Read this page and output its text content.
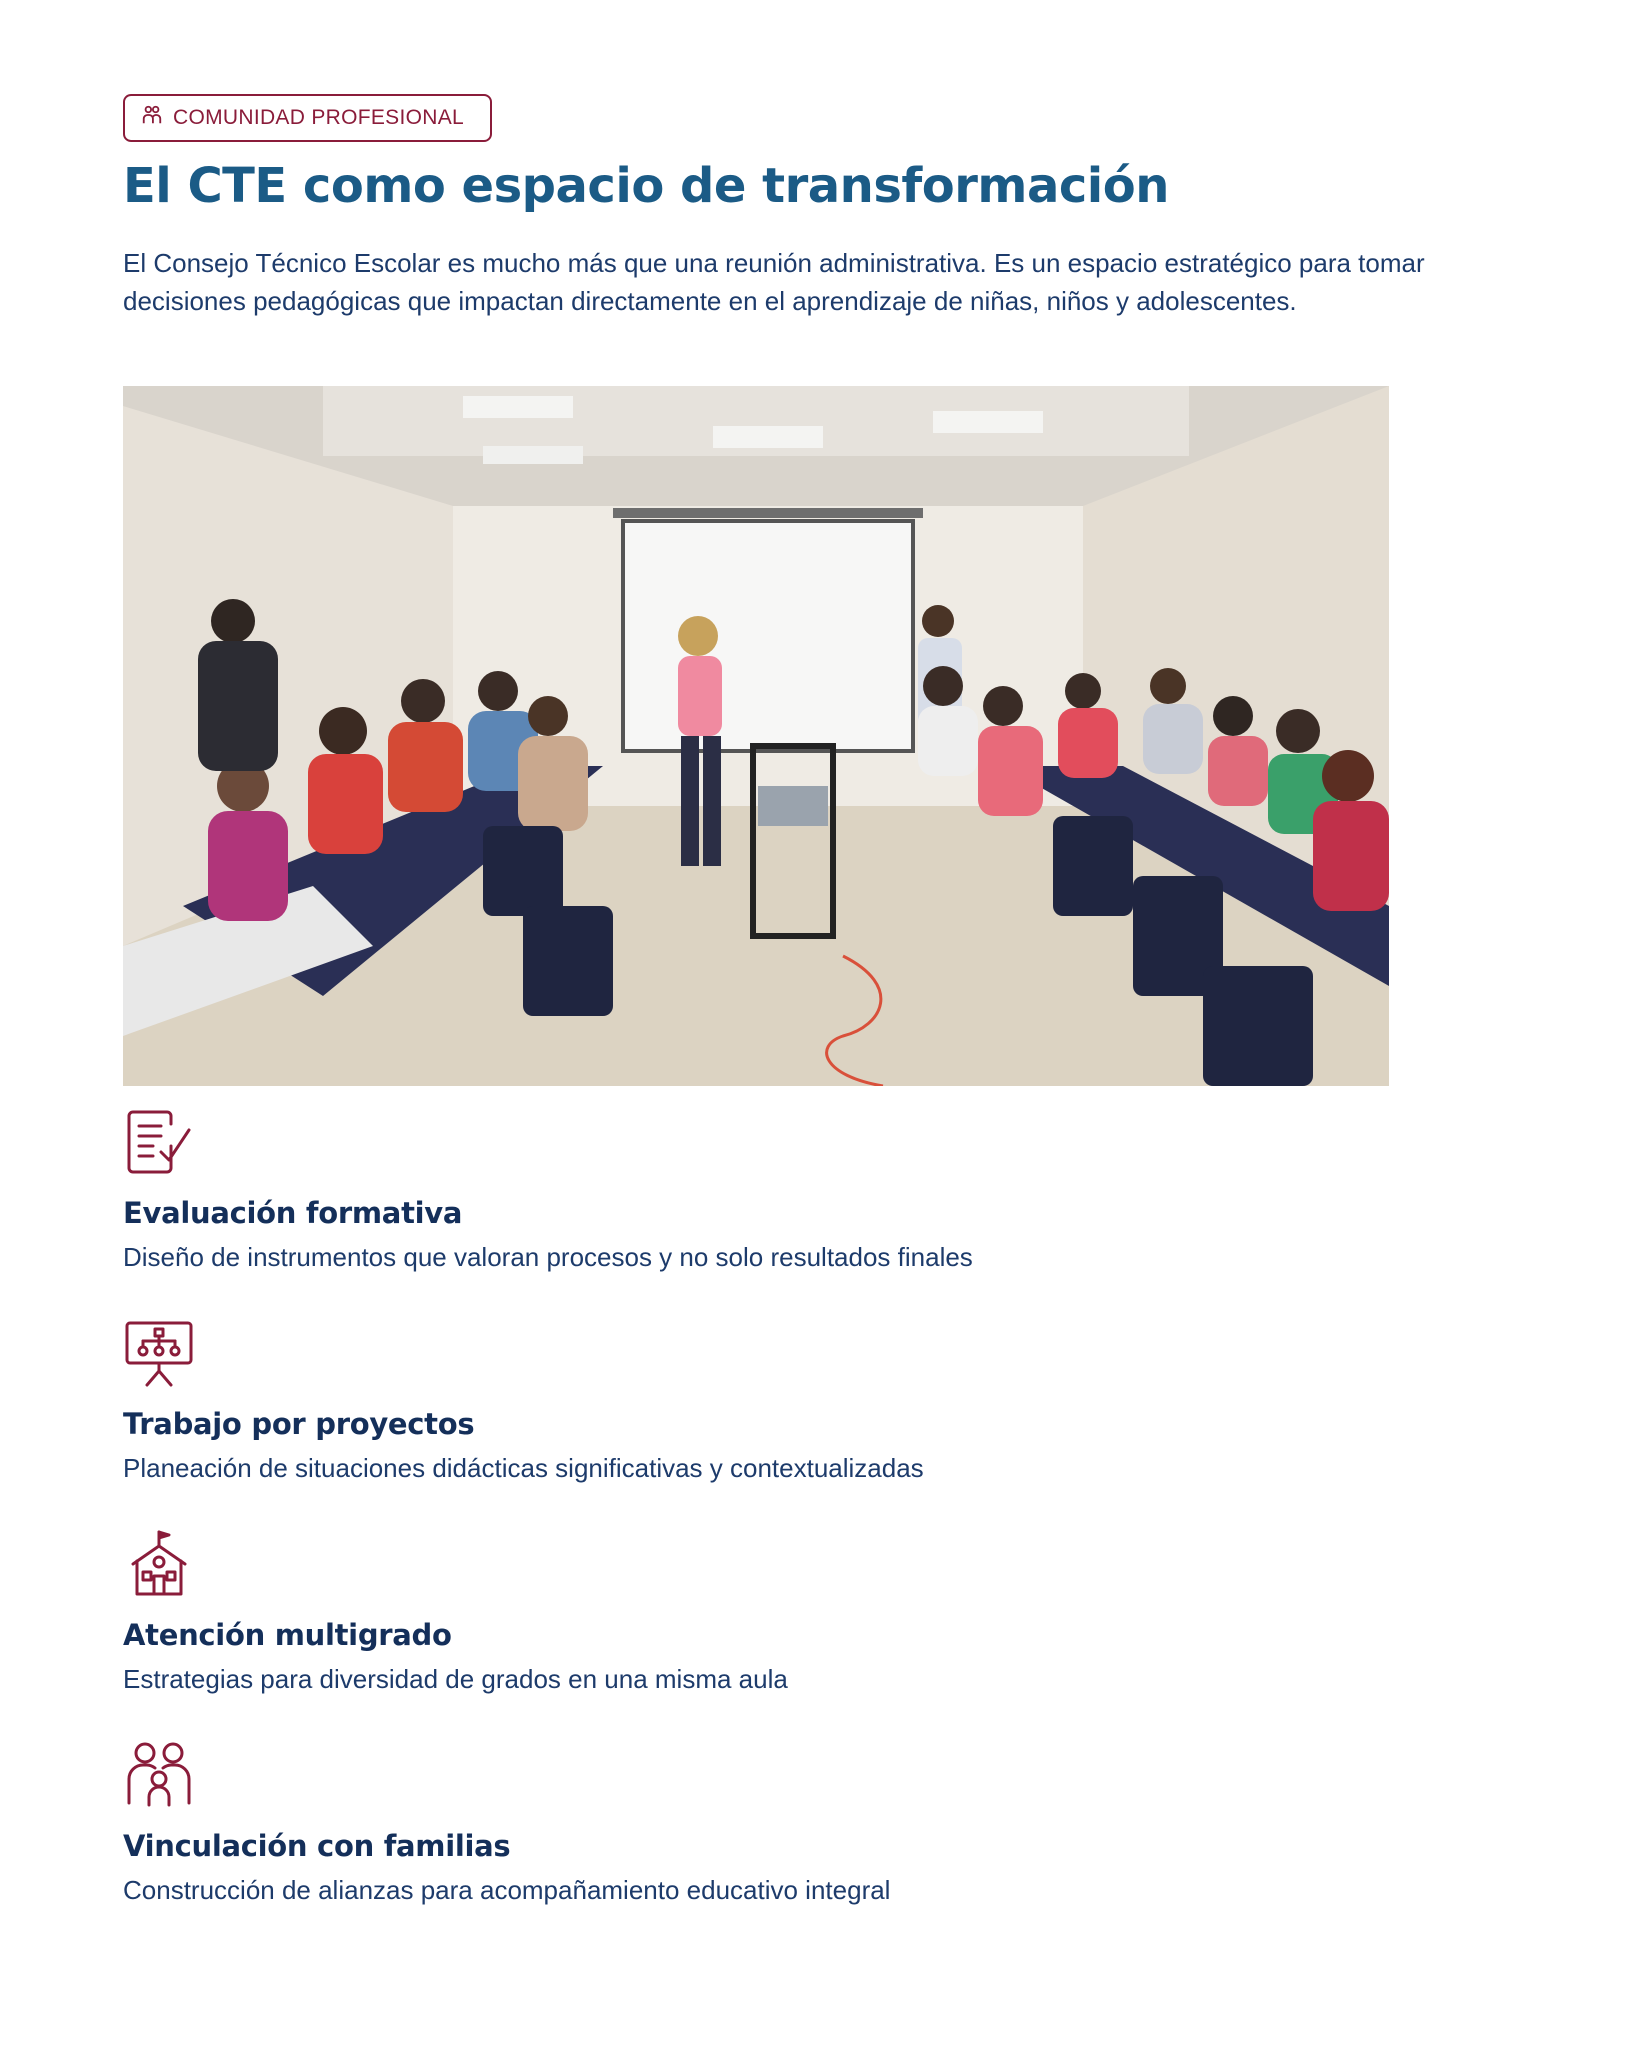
COMUNIDAD PROFESIONAL
El CTE como espacio de transformación

El Consejo Técnico Escolar es mucho más que una reunión administrativa. Es un espacio estratégico para tomar decisiones pedagógicas que impactan directamente en el aprendizaje de niñas, niños y adolescentes.

Evaluación formativa

Diseño de instrumentos que valoran procesos y no solo resultados finales

Trabajo por proyectos

Planeación de situaciones didácticas significativas y contextualizadas

Atención multigrado

Estrategias para diversidad de grados en una misma aula

Vinculación con familias

Construcción de alianzas para acompañamiento educativo integral
